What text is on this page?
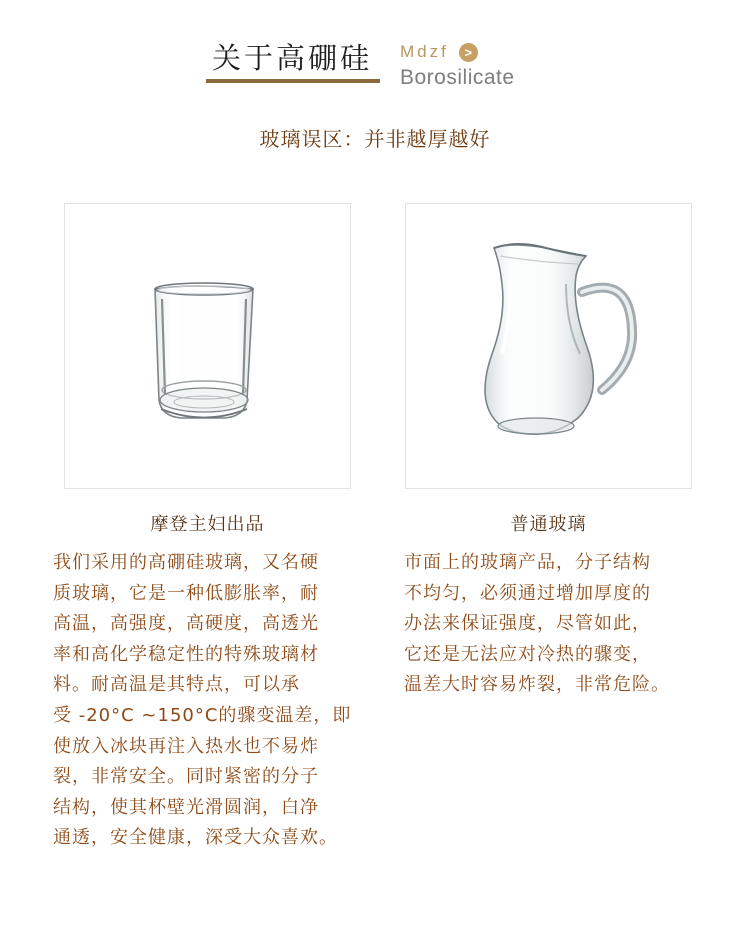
关于高硼硅 Mdzf	>
Borosilicate
玻璃误区：并非越厚越好
摩登主妇出品	普通玻璃
我们采用的高硼硅玻璃，又名硬
质玻璃，它是一种低膨胀率，耐
高温，高强度，高硬度，高透光
率和高化学稳定性的特殊玻璃材
料。耐高温是其特点，可以承
受 -20°C ~150°C的骤变温差，即
使放入冰块再注入热水也不易炸
裂，非常安全。同时紧密的分子
结构，使其杯壁光滑圆润，白净
通透，安全健康，深受大众喜欢。
市面上的玻璃产品，分子结构
不均匀，必须通过增加厚度的
办法来保证强度，尽管如此，
它还是无法应对冷热的骤变，
温差大时容易炸裂，非常危险。
